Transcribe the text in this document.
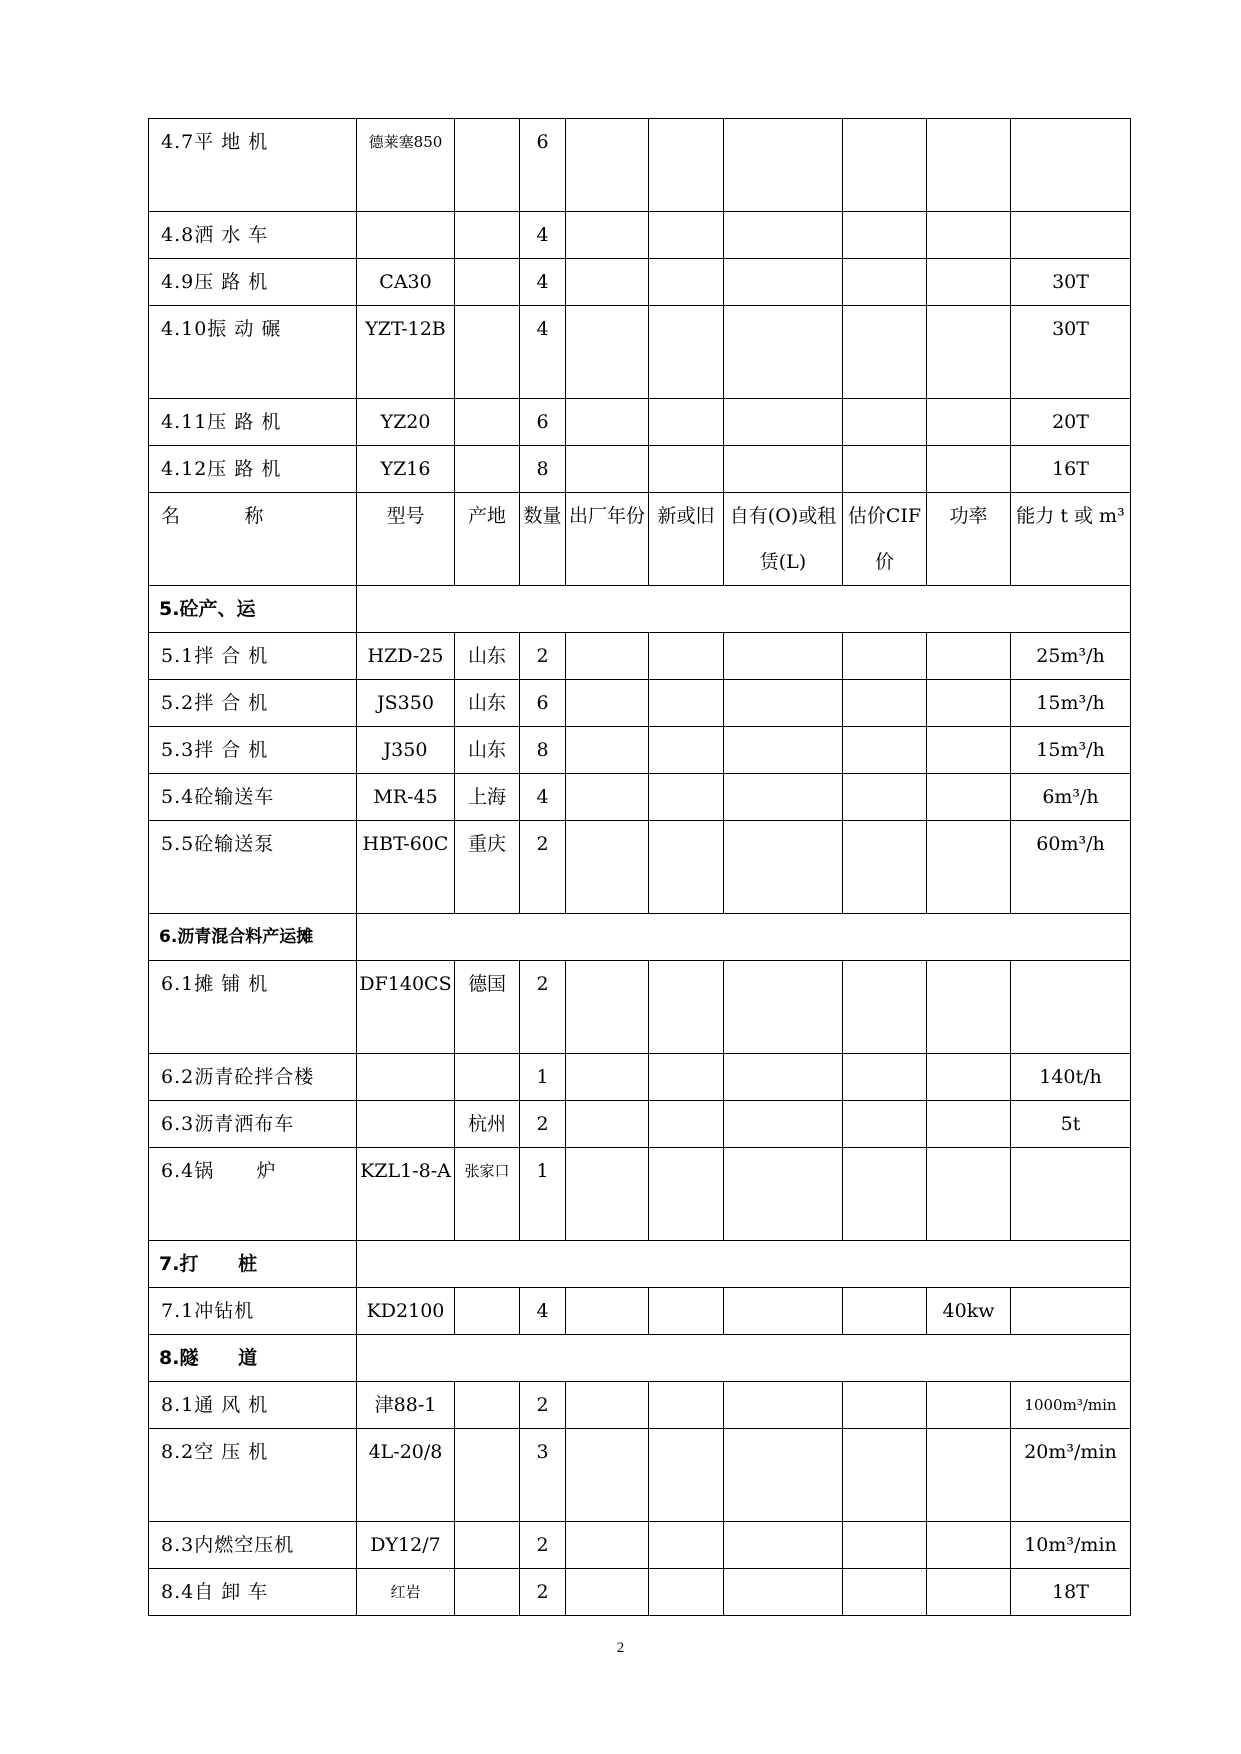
4.7平 地 机	德莱塞850		6						

4.8洒 水 车			4						

4.9压 路 机	CA30		4						30T

4.10振 动 碾	YZT-12B		4						30T

4.11压 路 机	YZ20		6						20T

4.12压 路 机	YZ16		8						16T

名         称	型号	产地	数量	出厂年份	新或旧	自有(O)或租赁(L)	估价CIF价	功率	能力 t 或 m³

5.砼产、运									
5.1拌 合 机	HZD-25	山东	2						25m³/h

5.2拌 合 机	JS350	山东	6						15m³/h

5.3拌 合 机	J350	山东	8						15m³/h

5.4砼输送车	MR-45	上海	4						6m³/h

5.5砼输送泵	HBT-60C	重庆	2						60m³/h

6.沥青混合料产运摊									
6.1摊 铺 机	DF140CS	德国	2						

6.2沥青砼拌合楼			1						140t/h

6.3沥青洒布车		杭州	2						5t

6.4锅      炉	KZL1-8-A	张家口	1						

7.打      桩									
7.1冲钻机	KD2100		4					40kw	

8.隧      道									
8.1通 风 机	津88-1		2						1000m³/min

8.2空 压 机	4L-20/8		3						20m³/min

8.3内燃空压机	DY12/7		2						10m³/min

8.4自 卸 车	红岩		2						18T
2
